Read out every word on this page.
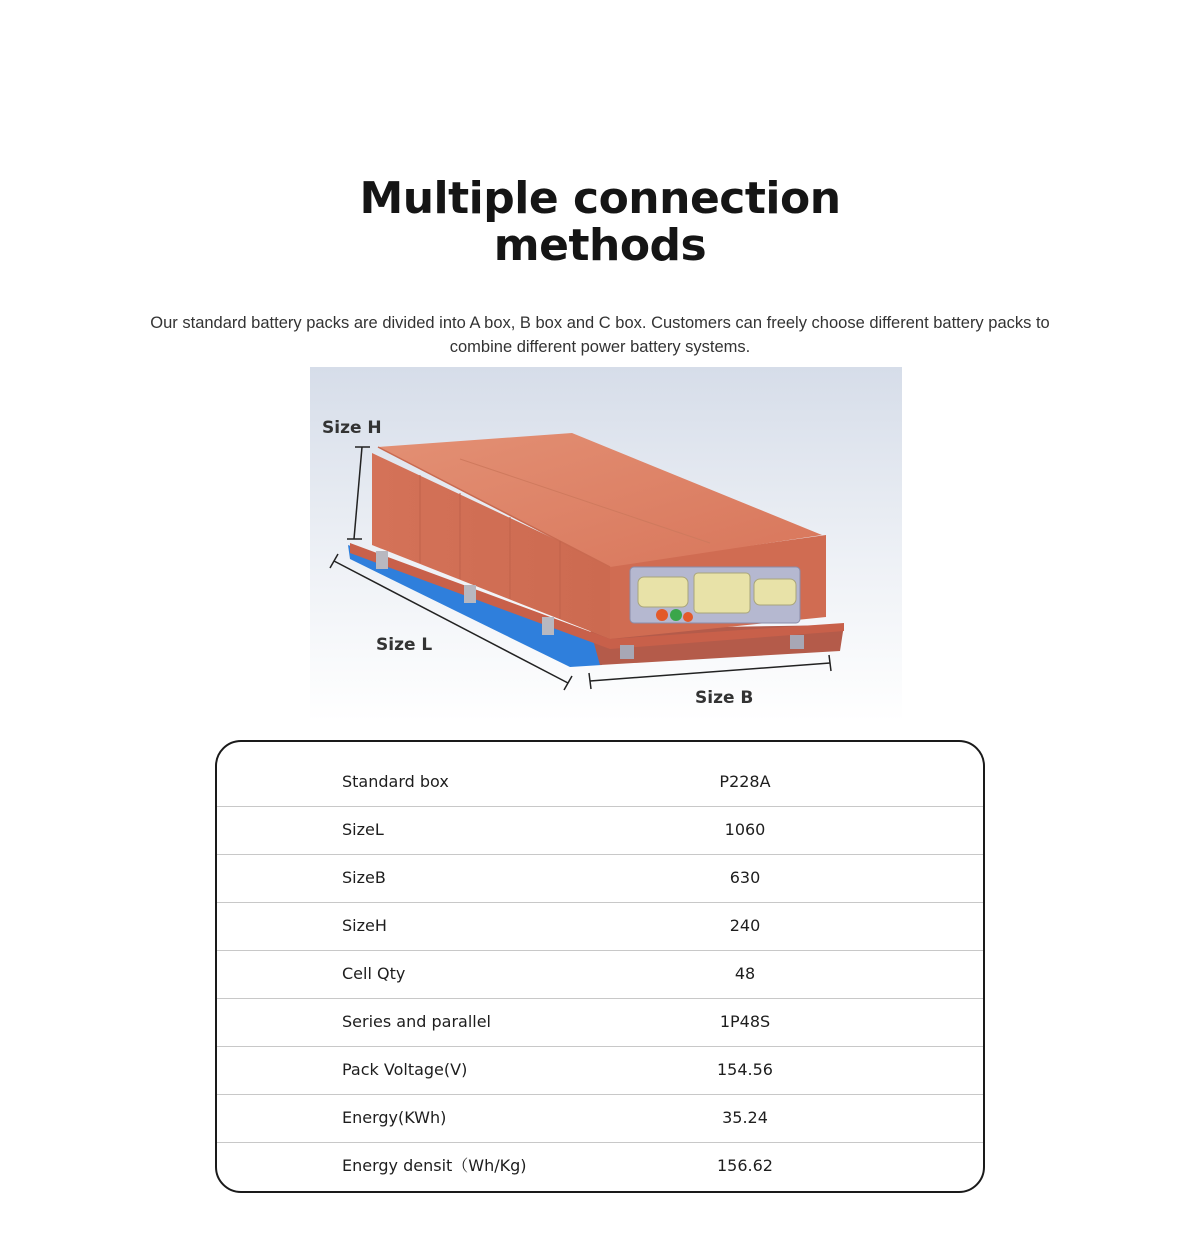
Multiple connection
methods

Our standard battery packs are divided into A box, B box and C box. Customers can freely choose different battery packs to combine different power battery systems.

Size H
Size L
Size B
Standard box	P228A
SizeL	1060
SizeB	630
SizeH	240
Cell Qty	48
Series and parallel	1P48S
Pack Voltage(V)	154.56
Energy(KWh)	35.24
Energy densit（Wh/Kg)	156.62
